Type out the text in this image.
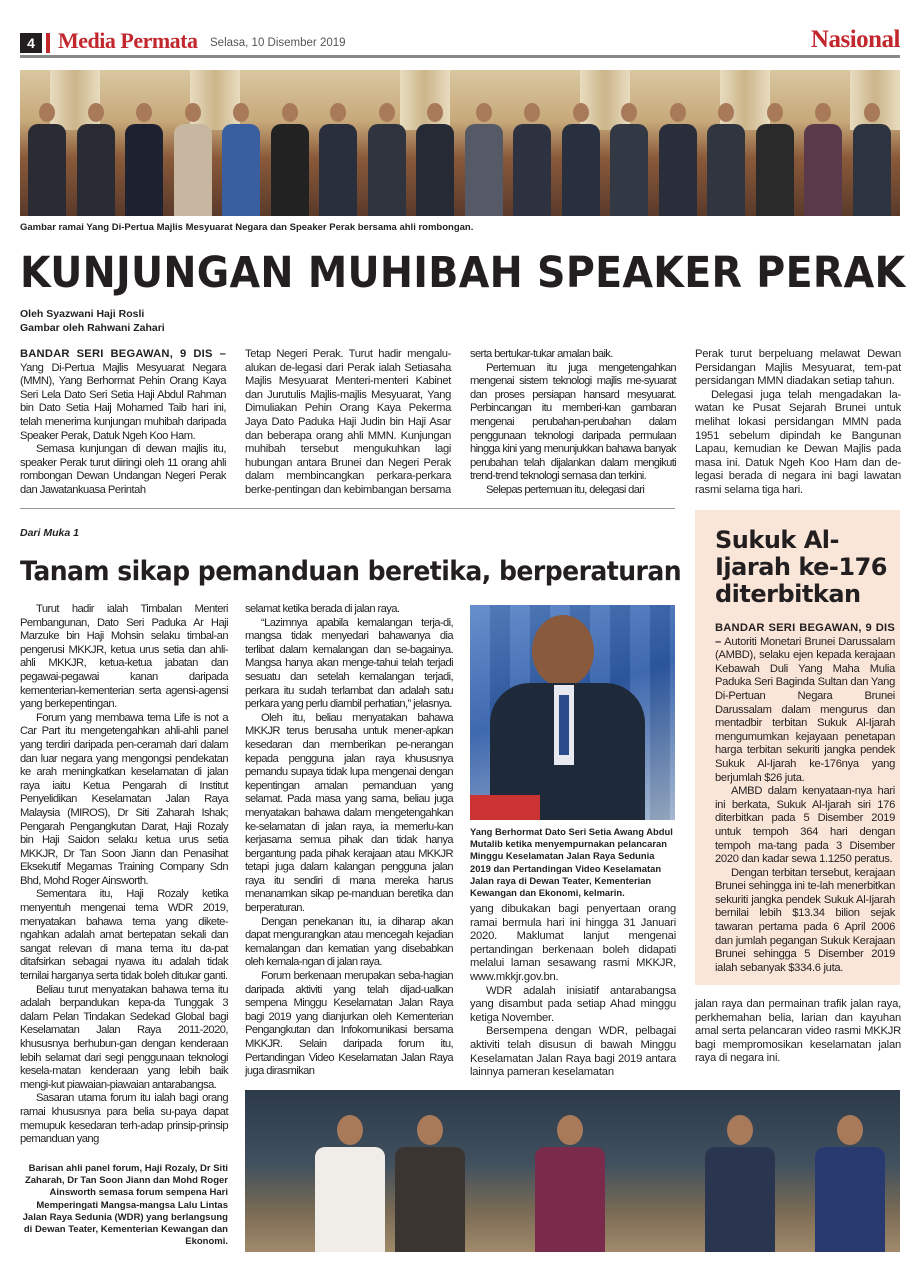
4	Media Permata Selasa, 10 Disember 2019	Nasional
Gambar ramai Yang Di-Pertua Majlis Mesyuarat Negara dan Speaker Perak bersama ahli rombongan.
KUNJUNGAN MUHIBAH SPEAKER PERAK
Oleh Syazwani Haji Rosli
Gambar oleh Rahwani Zahari

BANDAR SERI BEGAWAN, 9 DIS – Yang Di-Pertua Majlis Mesyuarat Negara (MMN), Yang Berhormat Pehin Orang Kaya Seri Lela Dato Seri Setia Haji Abdul Rahman bin Dato Setia Haij Mohamed Taib hari ini, telah menerima kunjungan muhibah daripada Speaker Perak, Datuk Ngeh Koo Ham.

Semasa kunjungan di dewan majlis itu, speaker Perak turut diiringi oleh 11 orang ahli rombongan Dewan Undangan Negeri Perak dan Jawatankuasa Perintah

Tetap Negeri Perak. Turut hadir mengalu-alukan de-legasi dari Perak ialah Setiasaha Majlis Mesyuarat Menteri-menteri Kabinet dan Jurutulis Majlis-majlis Mesyuarat, Yang Dimuliakan Pehin Orang Kaya Pekerma Jaya Dato Paduka Haji Judin bin Haji Asar dan beberapa orang ahli MMN. Kunjungan muhibah tersebut mengukuhkan lagi hubungan antara Brunei dan Negeri Perak dalam membincangkan perkara-perkara berke-pentingan dan kebimbangan bersama

serta bertukar-tukar amalan baik.

Pertemuan itu juga mengetengahkan mengenai sistem teknologi majlis me-syuarat dan proses persiapan hansard mesyuarat. Perbincangan itu memberi-kan gambaran mengenai perubahan-perubahan dalam penggunaan teknologi daripada permulaan hingga kini yang menunjukkan bahawa banyak perubahan telah dijalankan dalam mengikuti trend-trend teknologi semasa dan terkini.

Selepas pertemuan itu, delegasi dari

Perak turut berpeluang melawat Dewan Persidangan Majlis Mesyuarat, tem-pat persidangan MMN diadakan setiap tahun.

Delegasi juga telah mengadakan la-watan ke Pusat Sejarah Brunei untuk melihat lokasi persidangan MMN pada 1951 sebelum dipindah ke Bangunan Lapau, kemudian ke Dewan Majlis pada masa ini. Datuk Ngeh Koo Ham dan de-legasi berada di negara ini bagi lawatan rasmi selama tiga hari.

Dari Muka 1
Tanam sikap pemanduan beretika, berperaturan

Turut hadir ialah Timbalan Menteri Pembangunan, Dato Seri Paduka Ar Haji Marzuke bin Haji Mohsin selaku timbal-an pengerusi MKKJR, ketua urus setia dan ahli-ahli MKKJR, ketua-ketua jabatan dan pegawai-pegawai kanan daripada kementerian-kementerian serta agensi-agensi yang berkepentingan.

Forum yang membawa tema Life is not a Car Part itu mengetengahkan ahli-ahli panel yang terdiri daripada pen-ceramah dari dalam dan luar negara yang mengongsi pendekatan ke arah meningkatkan keselamatan di jalan raya iaitu Ketua Pengarah di Institut Penyelidikan Keselamatan Jalan Raya Malaysia (MIROS), Dr Siti Zaharah Ishak; Pengarah Pengangkutan Darat, Haji Rozaly bin Haji Saidon selaku ketua urus setia MKKJR, Dr Tan Soon Jiann dan Penasihat Eksekutif Megamas Training Company Sdn Bhd, Mohd Roger Ainsworth.

Sementara itu, Haji Rozaly ketika menyentuh mengenai tema WDR 2019, menyatakan bahawa tema yang dikete-ngahkan adalah amat bertepatan sekali dan sangat relevan di mana tema itu da-pat ditafsirkan sebagai nyawa itu adalah tidak ternilai harganya serta tidak boleh ditukar ganti.

Beliau turut menyatakan bahawa tema itu adalah berpandukan kepa-da Tunggak 3 dalam Pelan Tindakan Sedekad Global bagi Keselamatan Jalan Raya 2011-2020, khususnya berhubun-gan dengan kenderaan lebih selamat dari segi penggunaan teknologi kesela-matan kenderaan yang lebih baik mengi-kut piawaian-piawaian antarabangsa.

Sasaran utama forum itu ialah bagi orang ramai khususnya para belia su-paya dapat memupuk kesedaran terh-adap prinsip-prinsip pemanduan yang

selamat ketika berada di jalan raya.

“Lazimnya apabila kemalangan terja-di, mangsa tidak menyedari bahawanya dia terlibat dalam kemalangan dan se-bagainya. Mangsa hanya akan menge-tahui telah terjadi sesuatu dan setelah kemalangan terjadi, perkara itu sudah terlambat dan adalah satu perkara yang perlu diambil perhatian,” jelasnya.

Oleh itu, beliau menyatakan bahawa MKKJR terus berusaha untuk mener-apkan kesedaran dan memberikan pe-nerangan kepada pengguna jalan raya khususnya pemandu supaya tidak lupa mengenai dengan kepentingan amalan pemanduan yang selamat. Pada masa yang sama, beliau juga menyatakan bahawa dalam mengetengahkan ke-selamatan di jalan raya, ia memerlu-kan kerjasama semua pihak dan tidak hanya bergantung pada pihak kerajaan atau MKKJR tetapi juga dalam kalangan pengguna jalan raya itu sendiri di mana mereka harus menanamkan sikap pe-manduan beretika dan berperaturan.

Dengan penekanan itu, ia diharap akan dapat mengurangkan atau mencegah kejadian kemalangan dan kematian yang disebabkan oleh kemala-ngan di jalan raya.

Forum berkenaan merupakan seba-hagian daripada aktiviti yang telah dijad-ualkan sempena Minggu Keselamatan Jalan Raya bagi 2019 yang dianjurkan oleh Kementerian Pengangkutan dan Infokomunikasi bersama MKKJR. Selain daripada forum itu, Pertandingan Video Keselamatan Jalan Raya juga dirasmikan

Yang Berhormat Dato Seri Setia Awang Abdul Mutalib ketika menyempurnakan pelancaran Minggu Keselamatan Jalan Raya Sedunia 2019 dan Pertandingan Video Keselamatan Jalan raya di Dewan Teater, Kementerian Kewangan dan Ekonomi, kelmarin.

yang dibukakan bagi penyertaan orang ramai bermula hari ini hingga 31 Januari 2020. Maklumat lanjut mengenai pertandingan berkenaan boleh didapati melalui laman sesawang rasmi MKKJR, www.mkkjr.gov.bn.

WDR adalah inisiatif antarabangsa yang disambut pada setiap Ahad minggu ketiga November.

Bersempena dengan WDR, pelbagai aktiviti telah disusun di bawah Minggu Keselamatan Jalan Raya bagi 2019 antara lainnya pameran keselamatan

Sukuk Al-Ijarah ke-176 diterbitkan

BANDAR SERI BEGAWAN, 9 DIS – Autoriti Monetari Brunei Darussalam (AMBD), selaku ejen kepada kerajaan Kebawah Duli Yang Maha Mulia Paduka Seri Baginda Sultan dan Yang Di-Pertuan Negara Brunei Darussalam dalam mengurus dan mentadbir terbitan Sukuk Al-Ijarah mengumumkan kejayaan penetapan harga terbitan sekuriti jangka pendek Sukuk Al-Ijarah ke-176nya yang berjumlah $26 juta.

AMBD dalam kenyataan-nya hari ini berkata, Sukuk Al-Ijarah siri 176 diterbitkan pada 5 Disember 2019 untuk tempoh 364 hari dengan tempoh ma-tang pada 3 Disember 2020 dan kadar sewa 1.1250 peratus.

Dengan terbitan tersebut, kerajaan Brunei sehingga ini te-lah menerbitkan sekuriti jangka pendek Sukuk Al-Ijarah bernilai lebih $13.34 bilion sejak tawaran pertama pada 6 April 2006 dan jumlah pegangan Sukuk Kerajaan Brunei sehingga 5 Disember 2019 ialah sebanyak $334.6 juta.

jalan raya dan permainan trafik jalan raya, perkhemahan belia, larian dan kayuhan amal serta pelancaran video rasmi MKKJR bagi mempromosikan keselamatan jalan raya di negara ini.

Barisan ahli panel forum, Haji Rozaly, Dr Siti Zaharah, Dr Tan Soon Jiann dan Mohd Roger Ainsworth semasa forum sempena Hari Memperingati Mangsa-mangsa Lalu Lintas Jalan Raya Sedunia (WDR) yang berlangsung di Dewan Teater, Kementerian Kewangan dan Ekonomi.
